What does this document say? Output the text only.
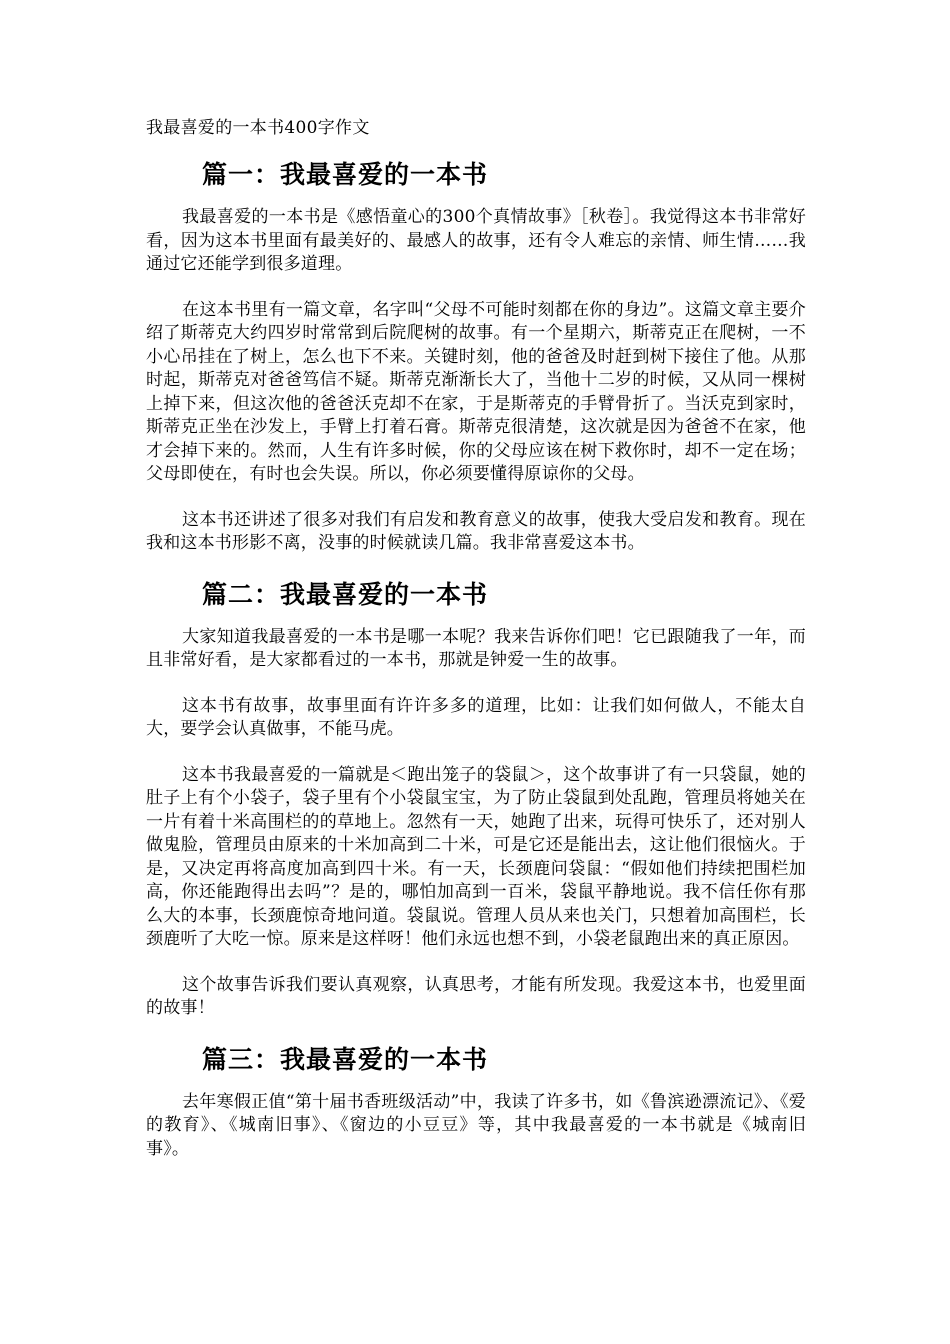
我最喜爱的一本书400字作文
篇一：我最喜爱的一本书

我最喜爱的一本书是《感悟童心的300个真情故事》［秋卷］。我觉得这本书非常好看，因为这本书里面有最美好的、最感人的故事，还有令人难忘的亲情、师生情……我通过它还能学到很多道理。

在这本书里有一篇文章，名字叫“父母不可能时刻都在你的身边”。这篇文章主要介绍了斯蒂克大约四岁时常常到后院爬树的故事。有一个星期六，斯蒂克正在爬树，一不小心吊挂在了树上，怎么也下不来。关键时刻，他的爸爸及时赶到树下接住了他。从那时起，斯蒂克对爸爸笃信不疑。斯蒂克渐渐长大了，当他十二岁的时候，又从同一棵树上掉下来，但这次他的爸爸沃克却不在家，于是斯蒂克的手臂骨折了。当沃克到家时，斯蒂克正坐在沙发上，手臂上打着石膏。斯蒂克很清楚，这次就是因为爸爸不在家，他才会掉下来的。然而，人生有许多时候，你的父母应该在树下救你时，却不一定在场；父母即使在，有时也会失误。所以，你必须要懂得原谅你的父母。

这本书还讲述了很多对我们有启发和教育意义的故事，使我大受启发和教育。现在我和这本书形影不离，没事的时候就读几篇。我非常喜爱这本书。

篇二：我最喜爱的一本书

大家知道我最喜爱的一本书是哪一本呢？我来告诉你们吧！它已跟随我了一年，而且非常好看，是大家都看过的一本书，那就是钟爱一生的故事。

这本书有故事，故事里面有许许多多的道理，比如：让我们如何做人，不能太自大，要学会认真做事，不能马虎。

这本书我最喜爱的一篇就是＜跑出笼子的袋鼠＞，这个故事讲了有一只袋鼠，她的肚子上有个小袋子，袋子里有个小袋鼠宝宝，为了防止袋鼠到处乱跑，管理员将她关在一片有着十米高围栏的的草地上。忽然有一天，她跑了出来，玩得可快乐了，还对别人做鬼脸，管理员由原来的十米加高到二十米，可是它还是能出去，这让他们很恼火。于是，又决定再将高度加高到四十米。有一天，长颈鹿问袋鼠：“假如他们持续把围栏加高，你还能跑得出去吗”？是的，哪怕加高到一百米，袋鼠平静地说。我不信任你有那么大的本事，长颈鹿惊奇地问道。袋鼠说。管理人员从来也关门，只想着加高围栏，长颈鹿听了大吃一惊。原来是这样呀！他们永远也想不到，小袋老鼠跑出来的真正原因。

这个故事告诉我们要认真观察，认真思考，才能有所发现。我爱这本书，也爱里面的故事！

篇三：我最喜爱的一本书

去年寒假正值“第十届书香班级活动”中，我读了许多书，如《鲁滨逊漂流记》、《爱的教育》、《城南旧事》、《窗边的小豆豆》等，其中我最喜爱的一本书就是《城南旧事》。
